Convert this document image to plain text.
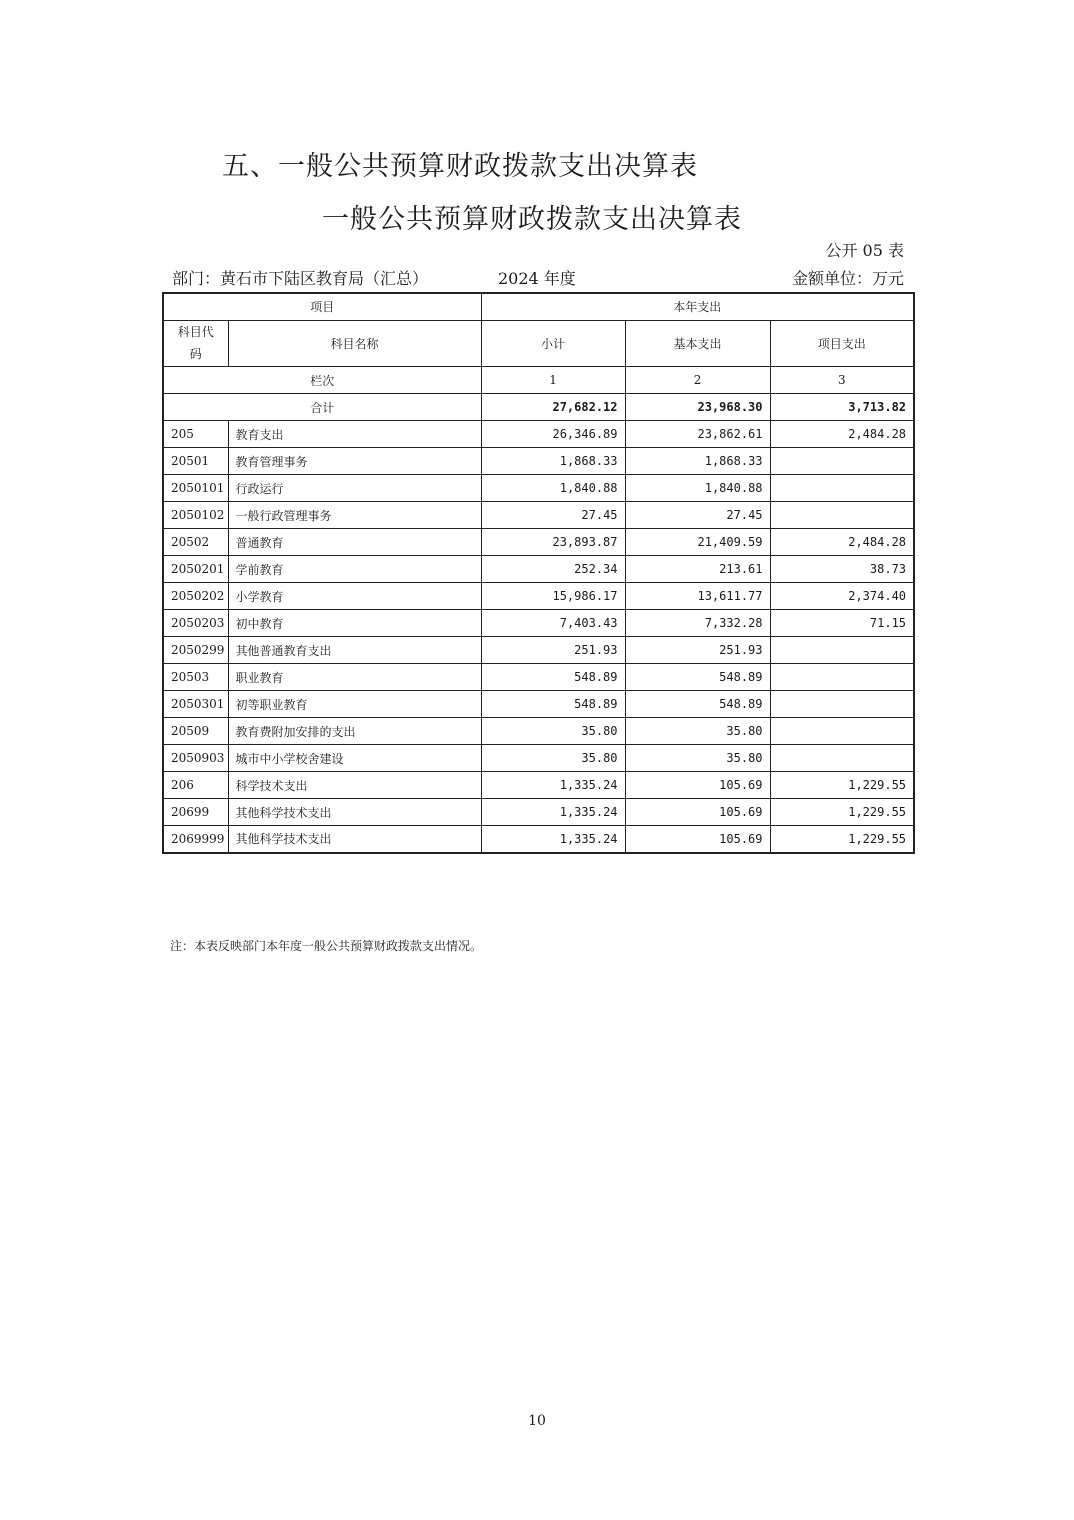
五、一般公共预算财政拨款支出决算表
一般公共预算财政拨款支出决算表
公开 05 表
部门：黄石市下陆区教育局（汇总）	2024 年度	金额单位：万元
项目		本年支出		
科目代
码	科目名称	小计	基本支出	项目支出
栏次		1	2	3
合计		27,682.12	23,968.30	3,713.82
205	教育支出	26,346.89	23,862.61	2,484.28
20501	教育管理事务	1,868.33	1,868.33	
2050101	行政运行	1,840.88	1,840.88	
2050102	一般行政管理事务	27.45	27.45	
20502	普通教育	23,893.87	21,409.59	2,484.28
2050201	学前教育	252.34	213.61	38.73
2050202	小学教育	15,986.17	13,611.77	2,374.40
2050203	初中教育	7,403.43	7,332.28	71.15
2050299	其他普通教育支出	251.93	251.93	
20503	职业教育	548.89	548.89	
2050301	初等职业教育	548.89	548.89	
20509	教育费附加安排的支出	35.80	35.80	
2050903	城市中小学校舍建设	35.80	35.80	
206	科学技术支出	1,335.24	105.69	1,229.55
20699	其他科学技术支出	1,335.24	105.69	1,229.55
2069999	其他科学技术支出	1,335.24	105.69	1,229.55
注：本表反映部门本年度一般公共预算财政拨款支出情况。
10
